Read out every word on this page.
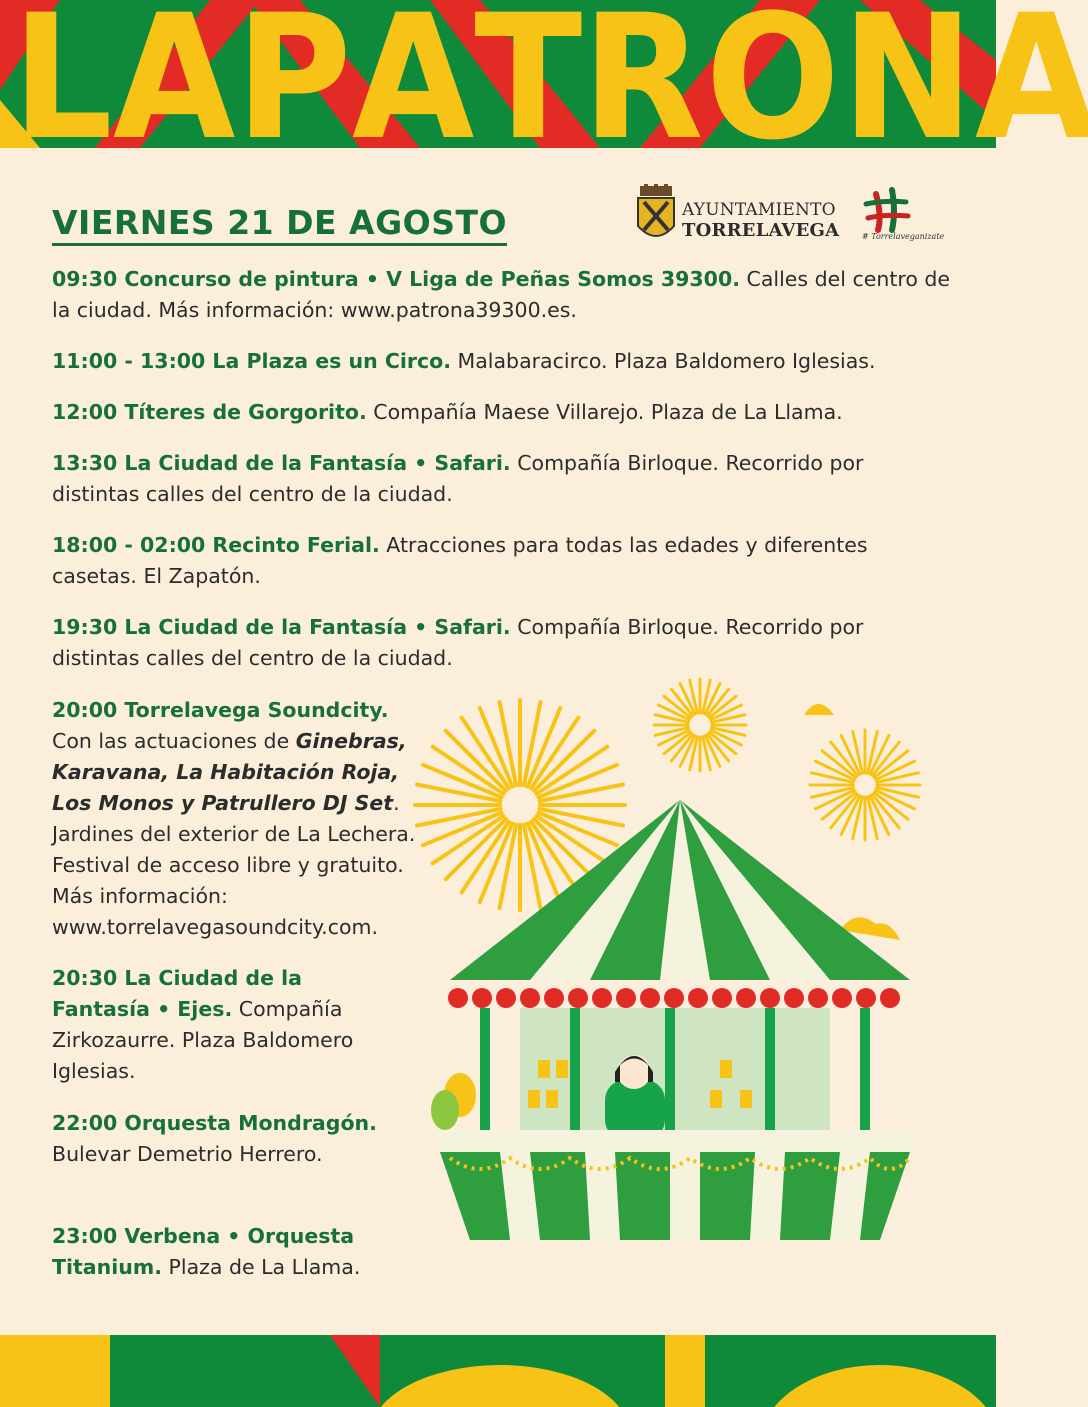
L A P A T R O N A
VIERNES 21 DE AGOSTO	AYUNTAMIENTO
TORRELAVEGA	# Torrelaveganizate

09:30 Concurso de pintura • V Liga de Peñas Somos 39300. Calles del centro de la ciudad. Más información: www.patrona39300.es.

11:00 - 13:00 La Plaza es un Circo. Malabaracirco. Plaza Baldomero Iglesias.

12:00 Títeres de Gorgorito. Compañía Maese Villarejo. Plaza de La Llama.

13:30 La Ciudad de la Fantasía • Safari. Compañía Birloque. Recorrido por distintas calles del centro de la ciudad.

18:00 - 02:00 Recinto Ferial. Atracciones para todas las edades y diferentes casetas. El Zapatón.

19:30 La Ciudad de la Fantasía • Safari. Compañía Birloque. Recorrido por distintas calles del centro de la ciudad.

20:00 Torrelavega Soundcity.
Con las actuaciones de Ginebras, Karavana, La Habitación Roja, Los Monos y Patrullero DJ Set. Jardines del exterior de La Lechera. Festival de acceso libre y gratuito. Más información: www.torrelavegasoundcity.com.
20:30 La Ciudad de la Fantasía • Ejes. Compañía Zirkozaurre. Plaza Baldomero Iglesias.
22:00 Orquesta Mondragón. Bulevar Demetrio Herrero.
23:00 Verbena • Orquesta Titanium. Plaza de La Llama.
